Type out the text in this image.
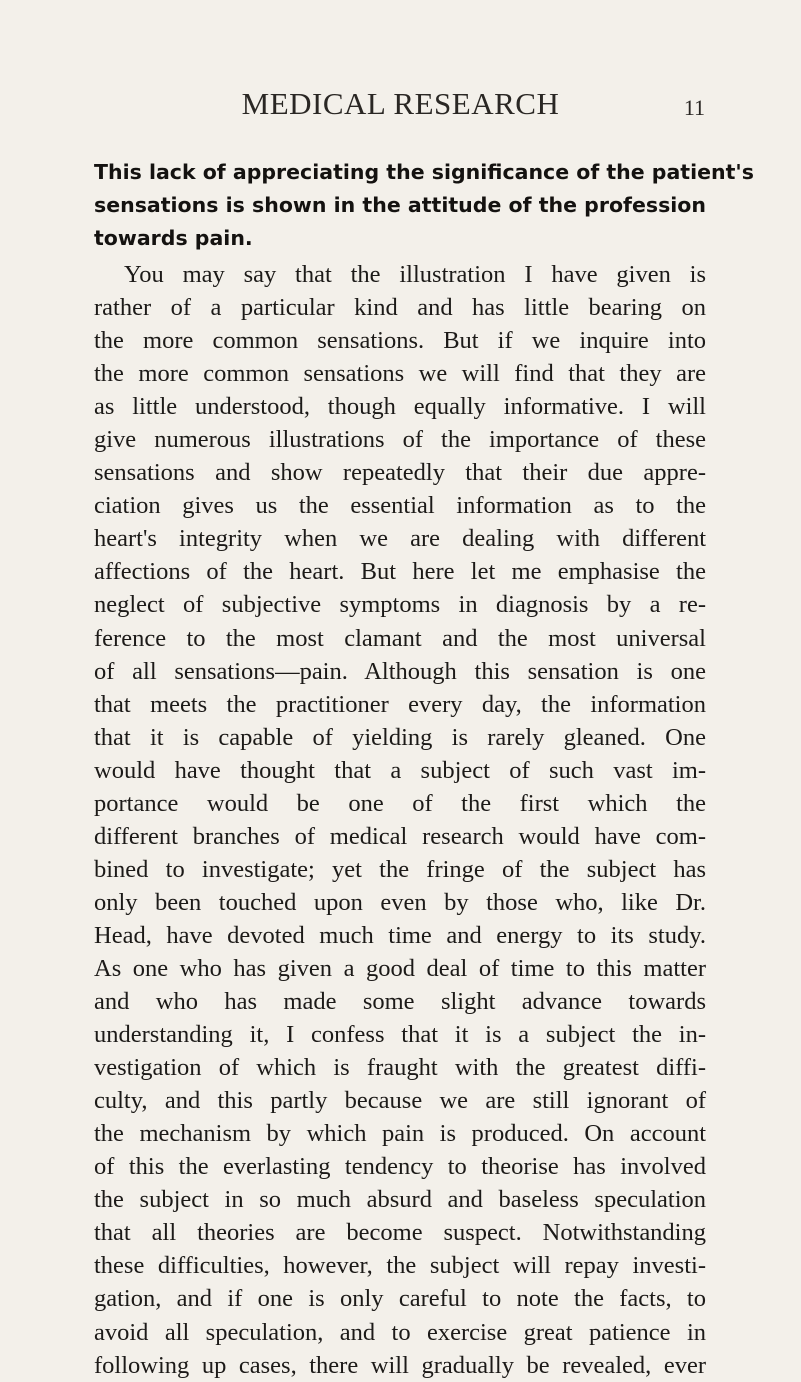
MEDICAL RESEARCH	11
This lack of appreciating the significance of the patient's
sensations is shown in the attitude of the profession
towards pain.
You may say that the illustration I have given is
rather of a particular kind and has little bearing on
the more common sensations. But if we inquire into
the more common sensations we will find that they are
as little understood, though equally informative. I will
give numerous illustrations of the importance of these
sensations and show repeatedly that their due appre-
ciation gives us the essential information as to the
heart's integrity when we are dealing with different
affections of the heart. But here let me emphasise the
neglect of subjective symptoms in diagnosis by a re-
ference to the most clamant and the most universal
of all sensations—pain. Although this sensation is one
that meets the practitioner every day, the information
that it is capable of yielding is rarely gleaned. One
would have thought that a subject of such vast im-
portance would be one of the first which the
different branches of medical research would have com-
bined to investigate; yet the fringe of the subject has
only been touched upon even by those who, like Dr.
Head, have devoted much time and energy to its study.
As one who has given a good deal of time to this matter
and who has made some slight advance towards
understanding it, I confess that it is a subject the in-
vestigation of which is fraught with the greatest diffi-
culty, and this partly because we are still ignorant of
the mechanism by which pain is produced. On account
of this the everlasting tendency to theorise has involved
the subject in so much absurd and baseless speculation
that all theories are become suspect. Notwithstanding
these difficulties, however, the subject will repay investi-
gation, and if one is only careful to note the facts, to
avoid all speculation, and to exercise great patience in
following up cases, there will gradually be revealed, ever
